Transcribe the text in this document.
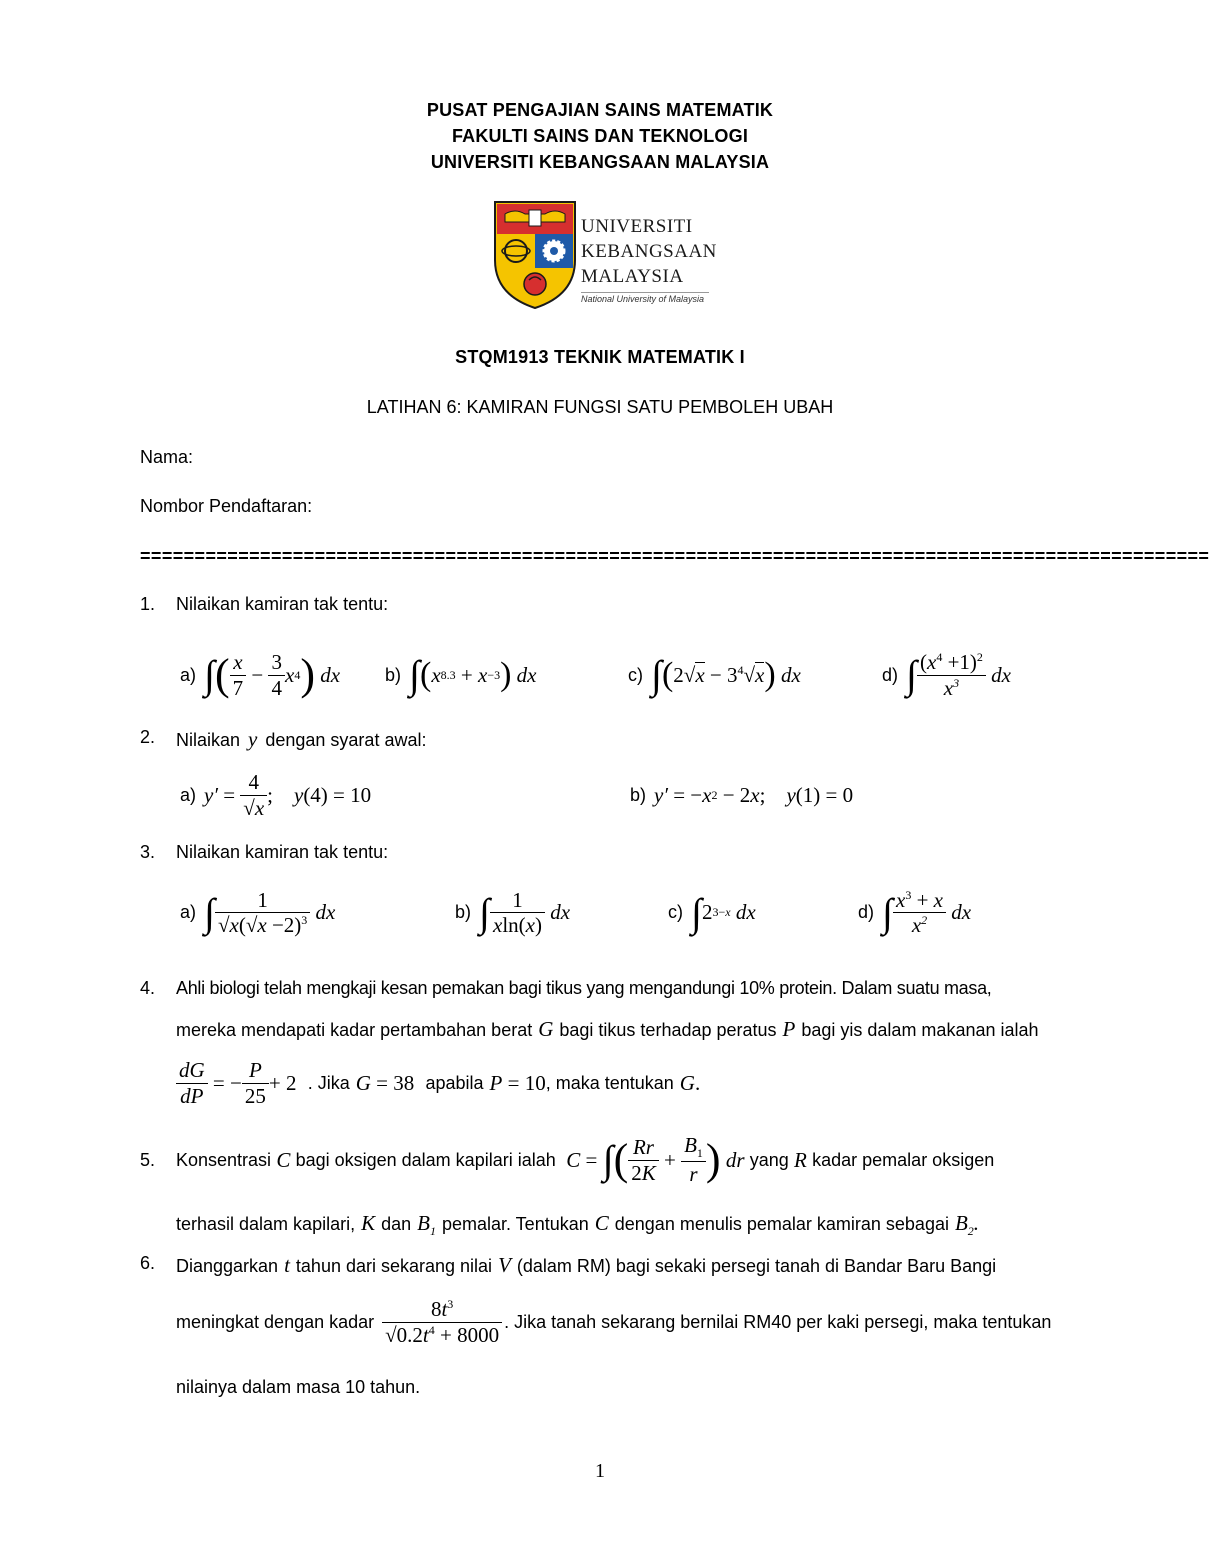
PUSAT PENGAJIAN SAINS MATEMATIK
FAKULTI SAINS DAN TEKNOLOGI
UNIVERSITI KEBANGSAAN MALAYSIA
UNIVERSITI
KEBANGSAAN
MALAYSIA
National University of Malaysia
STQM1913 TEKNIK MATEMATIK I
LATIHAN 6: KAMIRAN FUNGSI SATU PEMBOLEH UBAH
Nama:
Nombor Pendaftaran:
==================================================================================================
1. Nilaikan kamiran tak tentu:
a) ∫ ( $\frac{x}{7} - \frac{3}{4}$ x 4 ) dx b) ∫ ( x 8.3 + x −3 ) dx	c) ∫ ( $2√x - 3^4√x$ ) dx	d) ∫ $\frac{(x^4 +1)^2}{x^3}$ dx
2. Nilaikan y dengan syarat awal:
a) $y' = \frac{4}{√x}$ ; y (4) = 10	b) y′ = − x 2 − 2 x ; y (1) = 0
3. Nilaikan kamiran tak tentu:
a) ∫ $\frac{1}{√x(√x -2)^3}$ dx	b) ∫ $\frac{1}{xln(x)}$ dx	c) ∫ 2 3−x dx	d) ∫ $\frac{x^3 + x}{x^2}$ dx
4. Ahli biologi telah mengkaji kesan pemakan bagi tikus yang mengandungi 10% protein. Dalam suatu masa,
mereka mendapati kadar pertambahan berat G bagi tikus terhadap peratus P bagi yis dalam makanan ialah
$\frac{dG}{dP}$ = − $\frac{P}{25} + 2$ . Jika G = 38 apabila P = 10 , maka tentukan G .
5. Konsentrasi C bagi oksigen dalam kapilari ialah C = ∫ ( $\frac{Rr}{2K} + \frac{B_1}{r}$ ) dr yang R kadar pemalar oksigen
terhasil dalam kapilari, K dan $B_1$ pemalar. Tentukan C dengan menulis pemalar kamiran sebagai $B_2$.
6. Dianggarkan t tahun dari sekarang nilai V (dalam RM) bagi sekaki persegi tanah di Bandar Baru Bangi
meningkat dengan kadar $\frac{8t^3}{√0.2t^4 + 8000}$ . Jika tanah sekarang bernilai RM40 per kaki persegi, maka tentukan
nilainya dalam masa 10 tahun.
1
